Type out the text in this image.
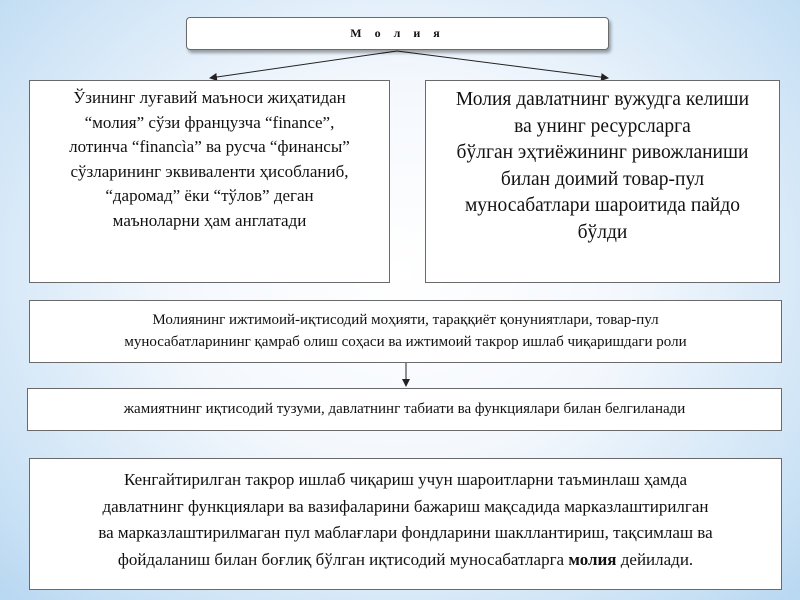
М о л и я
Ўзининг луғавий маъноси жиҳатидан
“молия” сўзи французча “finance”,
лотинча “financìa” ва русча “финансы”
сўзларининг эквиваленти ҳисобланиб,
“даромад” ёки “тўлов” деган
маъноларни ҳам англатади
Молия давлатнинг вужудга келиши
ва унинг ресурсларга
бўлган эҳтиёжининг ривожланиши
билан доимий товар-пул
муносабатлари шароитида пайдо
бўлди
Молиянинг ижтимоий-иқтисодий моҳияти, тараққиёт қонуниятлари, товар-пул
муносабатларининг қамраб олиш соҳаси ва ижтимоий такрор ишлаб чиқаришдаги роли
жамиятнинг иқтисодий тузуми, давлатнинг табиати ва функциялари билан белгиланади
Кенгайтирилган такрор ишлаб чиқариш учун шароитларни таъминлаш ҳамда
давлатнинг функциялари ва вазифаларини бажариш мақсадида марказлаштирилган
ва марказлаштирилмаган пул маблағлари фондларини шакллантириш, тақсимлаш ва
фойдаланиш билан боғлиқ бўлган иқтисодий муносабатларга молия дейилади.
